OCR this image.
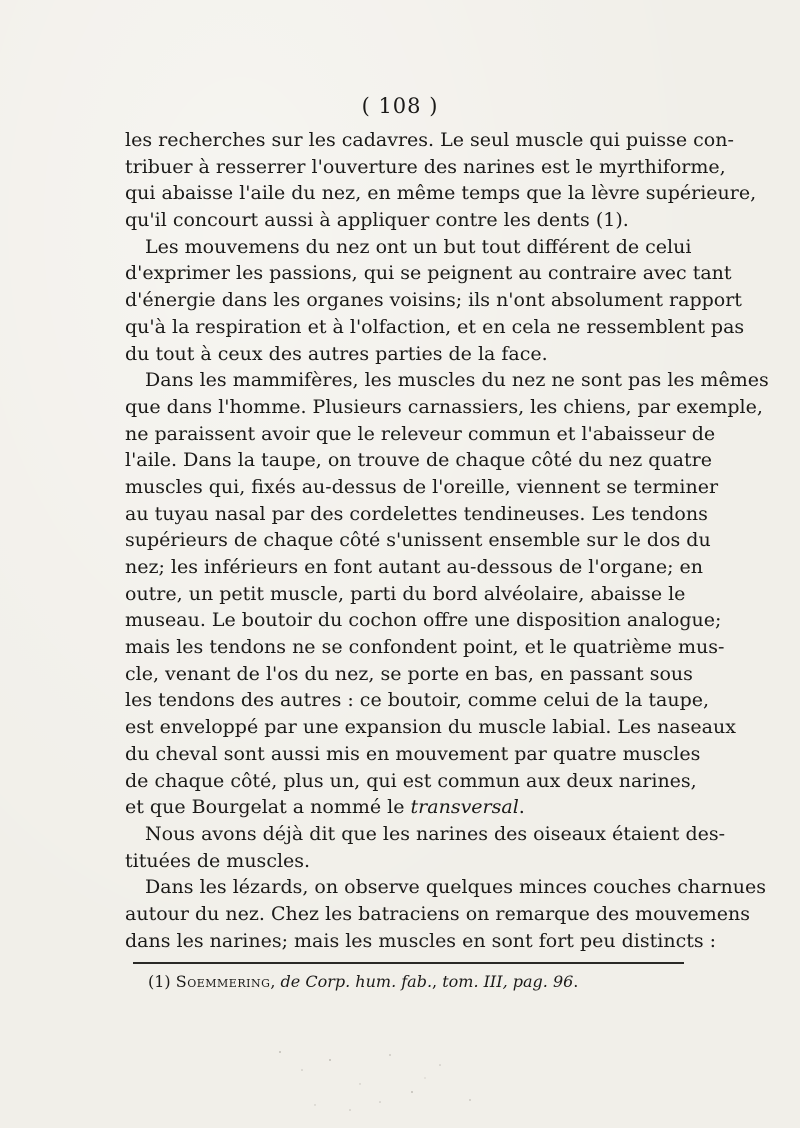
( 108 )
les recherches sur les cadavres. Le seul muscle qui puisse con-
tribuer à resserrer l'ouverture des narines est le myrthiforme,
qui abaisse l'aile du nez, en même temps que la lèvre supérieure,
qu'il concourt aussi à appliquer contre les dents (1).
Les mouvemens du nez ont un but tout différent de celui
d'exprimer les passions, qui se peignent au contraire avec tant
d'énergie dans les organes voisins; ils n'ont absolument rapport
qu'à la respiration et à l'olfaction, et en cela ne ressemblent pas
du tout à ceux des autres parties de la face.
Dans les mammifères, les muscles du nez ne sont pas les mêmes
que dans l'homme. Plusieurs carnassiers, les chiens, par exemple,
ne paraissent avoir que le releveur commun et l'abaisseur de
l'aile. Dans la taupe, on trouve de chaque côté du nez quatre
muscles qui, fixés au-dessus de l'oreille, viennent se terminer
au tuyau nasal par des cordelettes tendineuses. Les tendons
supérieurs de chaque côté s'unissent ensemble sur le dos du
nez; les inférieurs en font autant au-dessous de l'organe; en
outre, un petit muscle, parti du bord alvéolaire, abaisse le
museau. Le boutoir du cochon offre une disposition analogue;
mais les tendons ne se confondent point, et le quatrième mus-
cle, venant de l'os du nez, se porte en bas, en passant sous
les tendons des autres : ce boutoir, comme celui de la taupe,
est enveloppé par une expansion du muscle labial. Les naseaux
du cheval sont aussi mis en mouvement par quatre muscles
de chaque côté, plus un, qui est commun aux deux narines,
et que Bourgelat a nommé le transversal.
Nous avons déjà dit que les narines des oiseaux étaient des-
tituées de muscles.
Dans les lézards, on observe quelques minces couches charnues
autour du nez. Chez les batraciens on remarque des mouvemens
dans les narines; mais les muscles en sont fort peu distincts :
(1) Soemmering, de Corp. hum. fab., tom. III, pag. 96.
